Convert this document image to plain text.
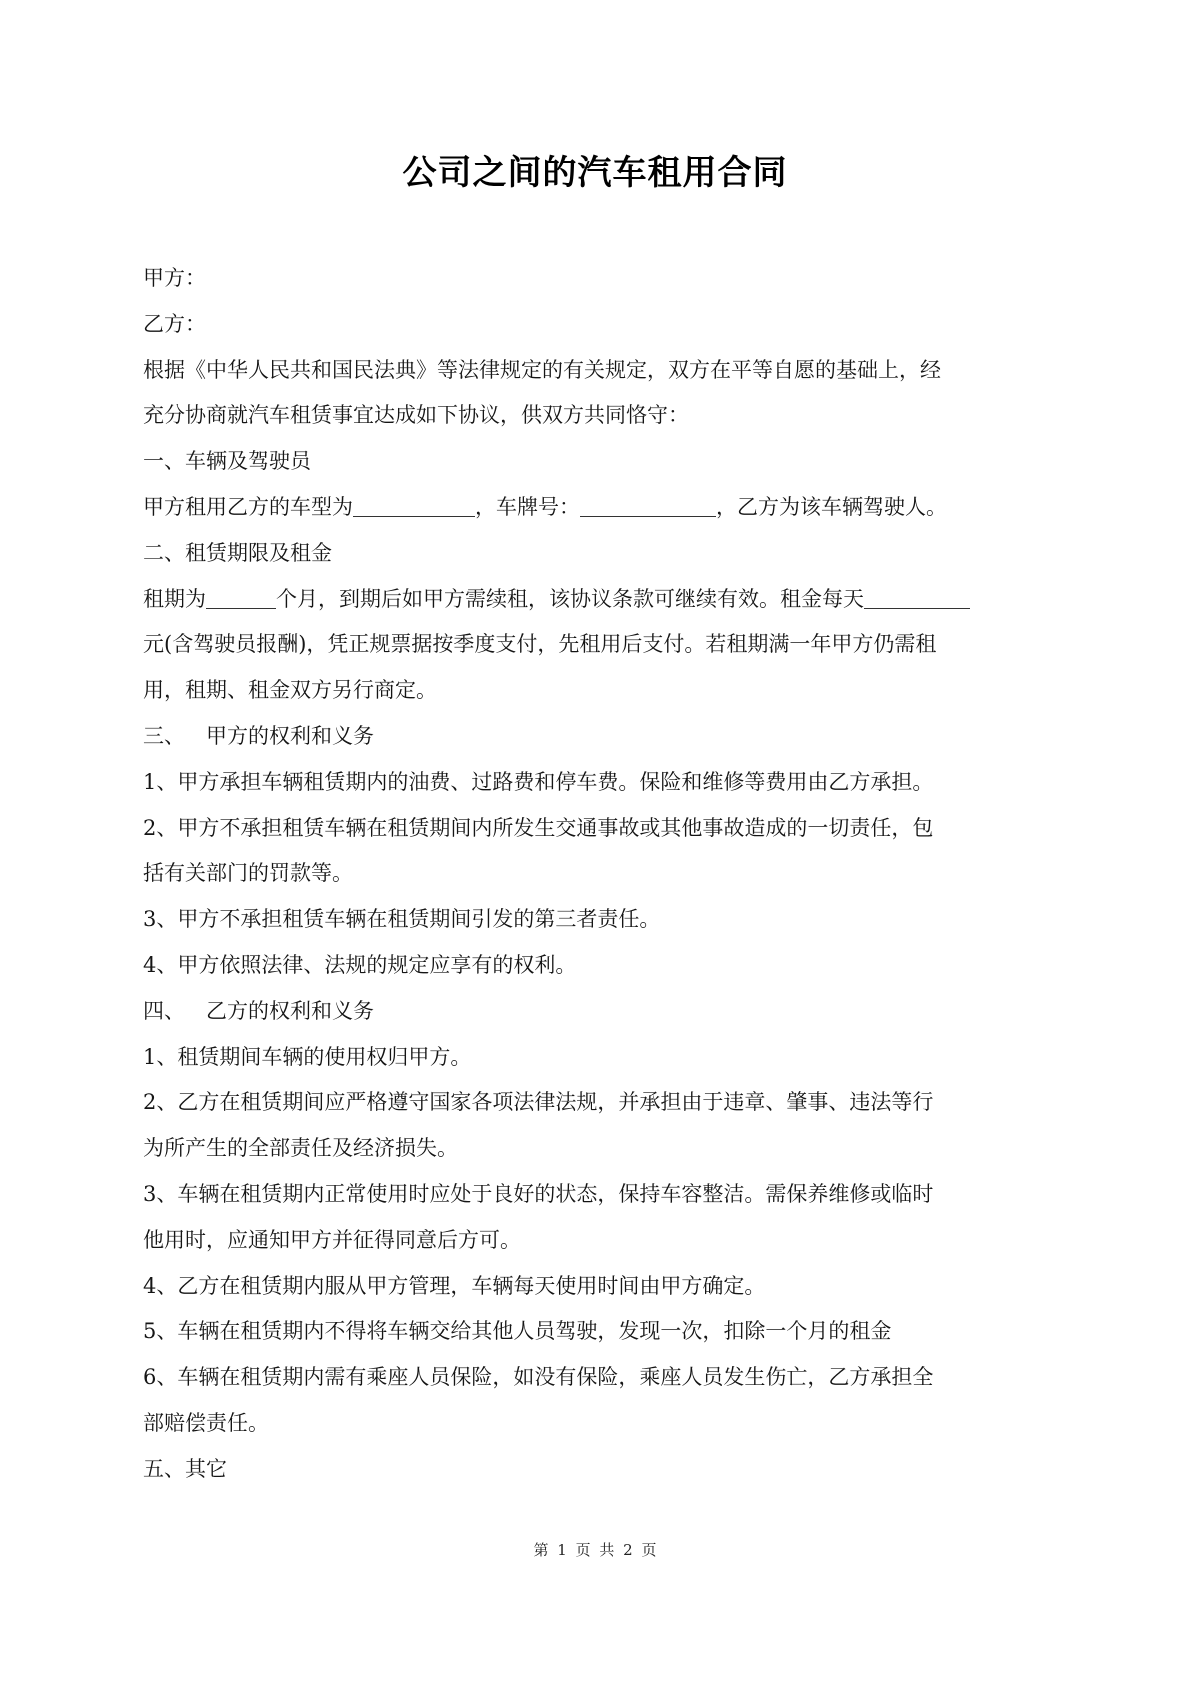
公司之间的汽车租用合同
甲方：
乙方：
根据《中华人民共和国民法典》等法律规定的有关规定，双方在平等自愿的基础上，经
充分协商就汽车租赁事宜达成如下协议，供双方共同恪守：
一、车辆及驾驶员
甲方租用乙方的车型为	，车牌号：	，乙方为该车辆驾驶人。
二、租赁期限及租金
租期为	个月，到期后如甲方需续租，该协议条款可继续有效。租金每天
元(含驾驶员报酬)，凭正规票据按季度支付，先租用后支付。若租期满一年甲方仍需租
用，租期、租金双方另行商定。
三、 甲方的权利和义务
1、甲方承担车辆租赁期内的油费、过路费和停车费。保险和维修等费用由乙方承担。
2、甲方不承担租赁车辆在租赁期间内所发生交通事故或其他事故造成的一切责任，包
括有关部门的罚款等。
3、甲方不承担租赁车辆在租赁期间引发的第三者责任。
4、甲方依照法律、法规的规定应享有的权利。
四、 乙方的权利和义务
1、租赁期间车辆的使用权归甲方。
2、乙方在租赁期间应严格遵守国家各项法律法规，并承担由于违章、肇事、违法等行
为所产生的全部责任及经济损失。
3、车辆在租赁期内正常使用时应处于良好的状态，保持车容整洁。需保养维修或临时
他用时，应通知甲方并征得同意后方可。
4、乙方在租赁期内服从甲方管理，车辆每天使用时间由甲方确定。
5、车辆在租赁期内不得将车辆交给其他人员驾驶，发现一次，扣除一个月的租金
6、车辆在租赁期内需有乘座人员保险，如没有保险，乘座人员发生伤亡，乙方承担全
部赔偿责任。
五、其它
第 1 页 共 2 页
